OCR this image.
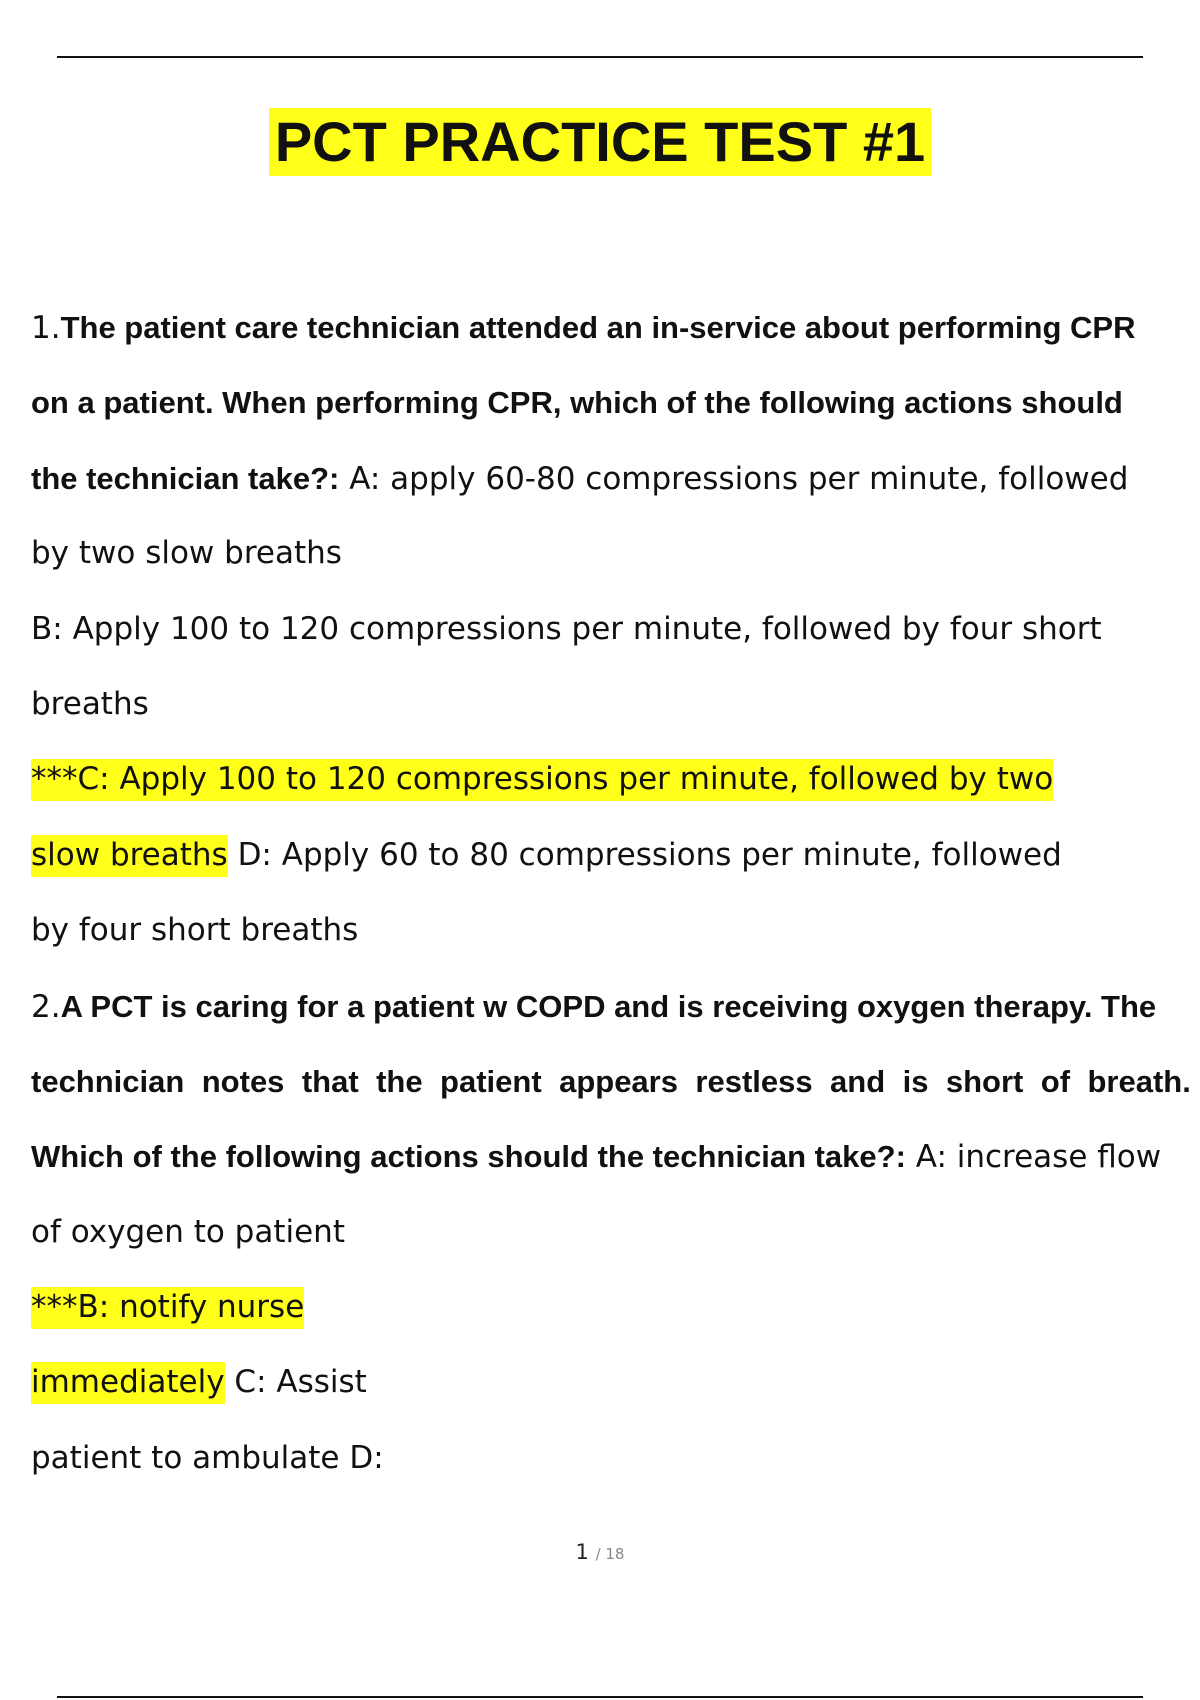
PCT PRACTICE TEST #1
1.The patient care technician attended an in-service about performing CPR
on a patient. When performing CPR, which of the following actions should
the technician take?: A: apply 60-80 compressions per minute, followed
by two slow breaths
B: Apply 100 to 120 compressions per minute, followed by four short
breaths
***C: Apply 100 to 120 compressions per minute, followed by two
slow breaths D: Apply 60 to 80 compressions per minute, followed
by four short breaths
2.A PCT is caring for a patient w COPD and is receiving oxygen therapy. The
technician notes that the patient appears restless and is short of breath.
Which of the following actions should the technician take?: A: increase flow
of oxygen to patient
***B: notify nurse
immediately C: Assist
patient to ambulate D:
1 / 18
